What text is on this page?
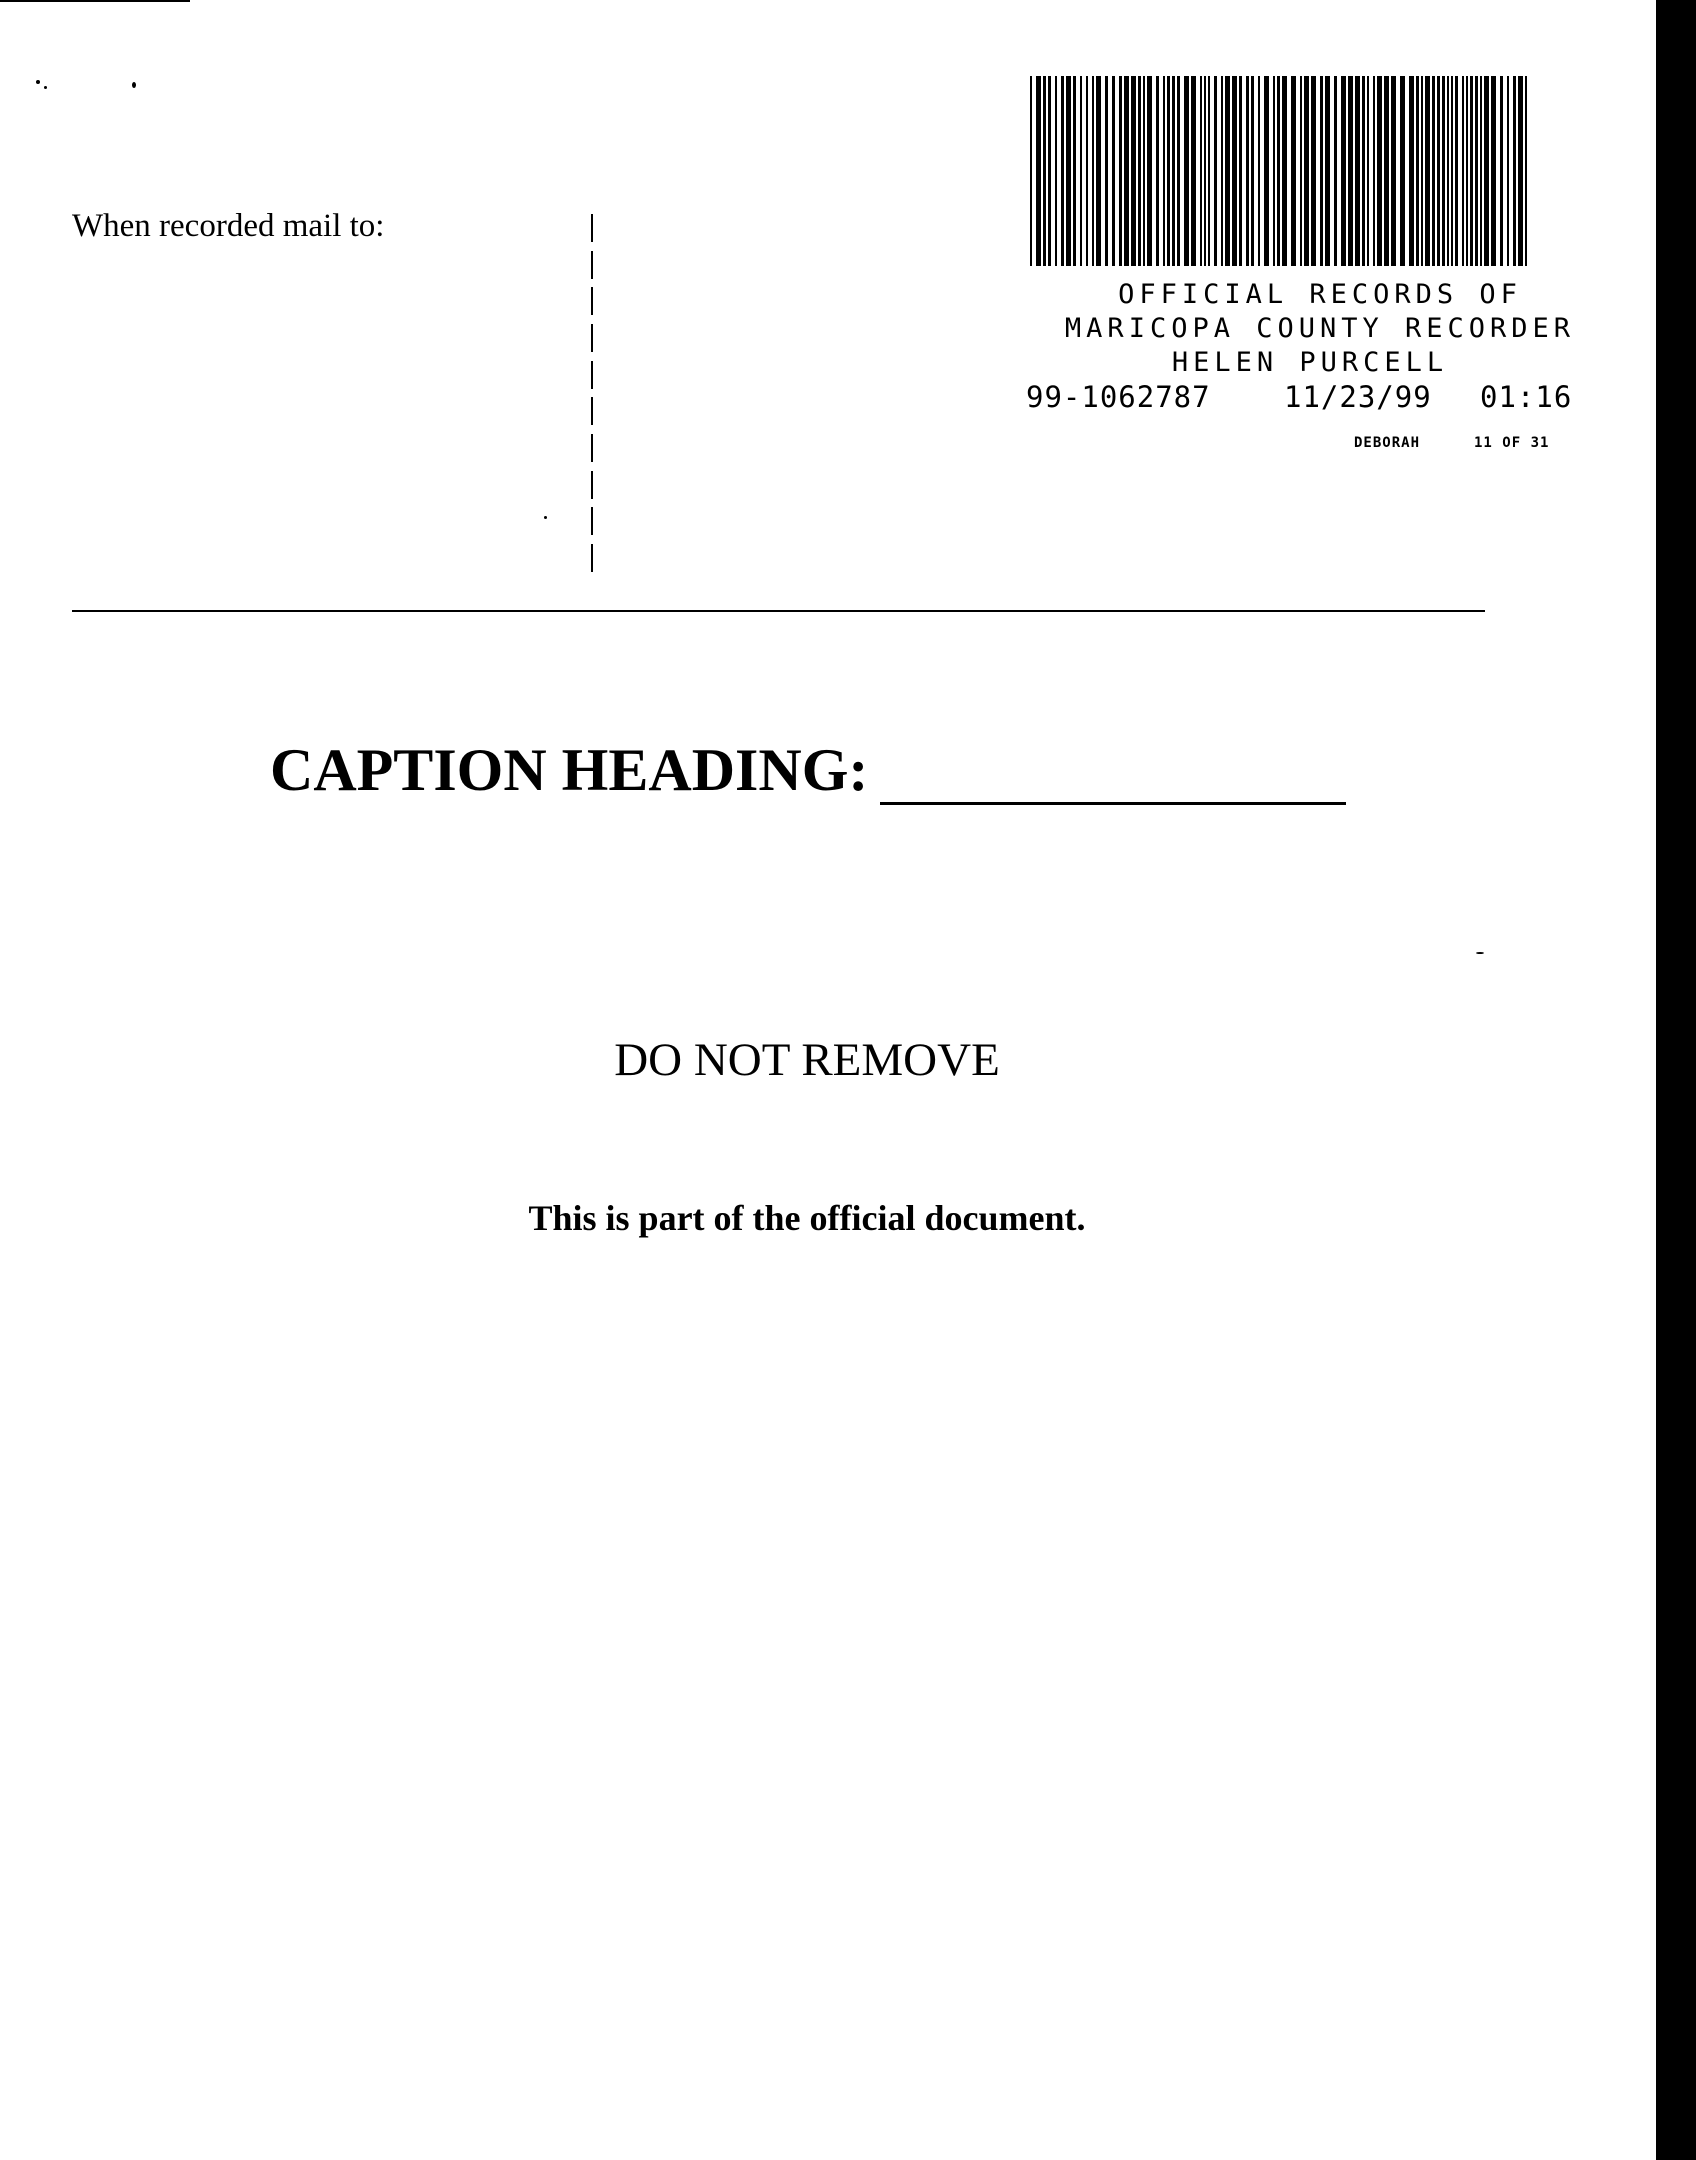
When recorded mail to:
OFFICIAL RECORDS OF
MARICOPA COUNTY RECORDER
HELEN PURCELL
99-1062787	11/23/99 01:16
DEBORAH	11 OF 31
CAPTION HEADING:
DO NOT REMOVE
This is part of the official document.
